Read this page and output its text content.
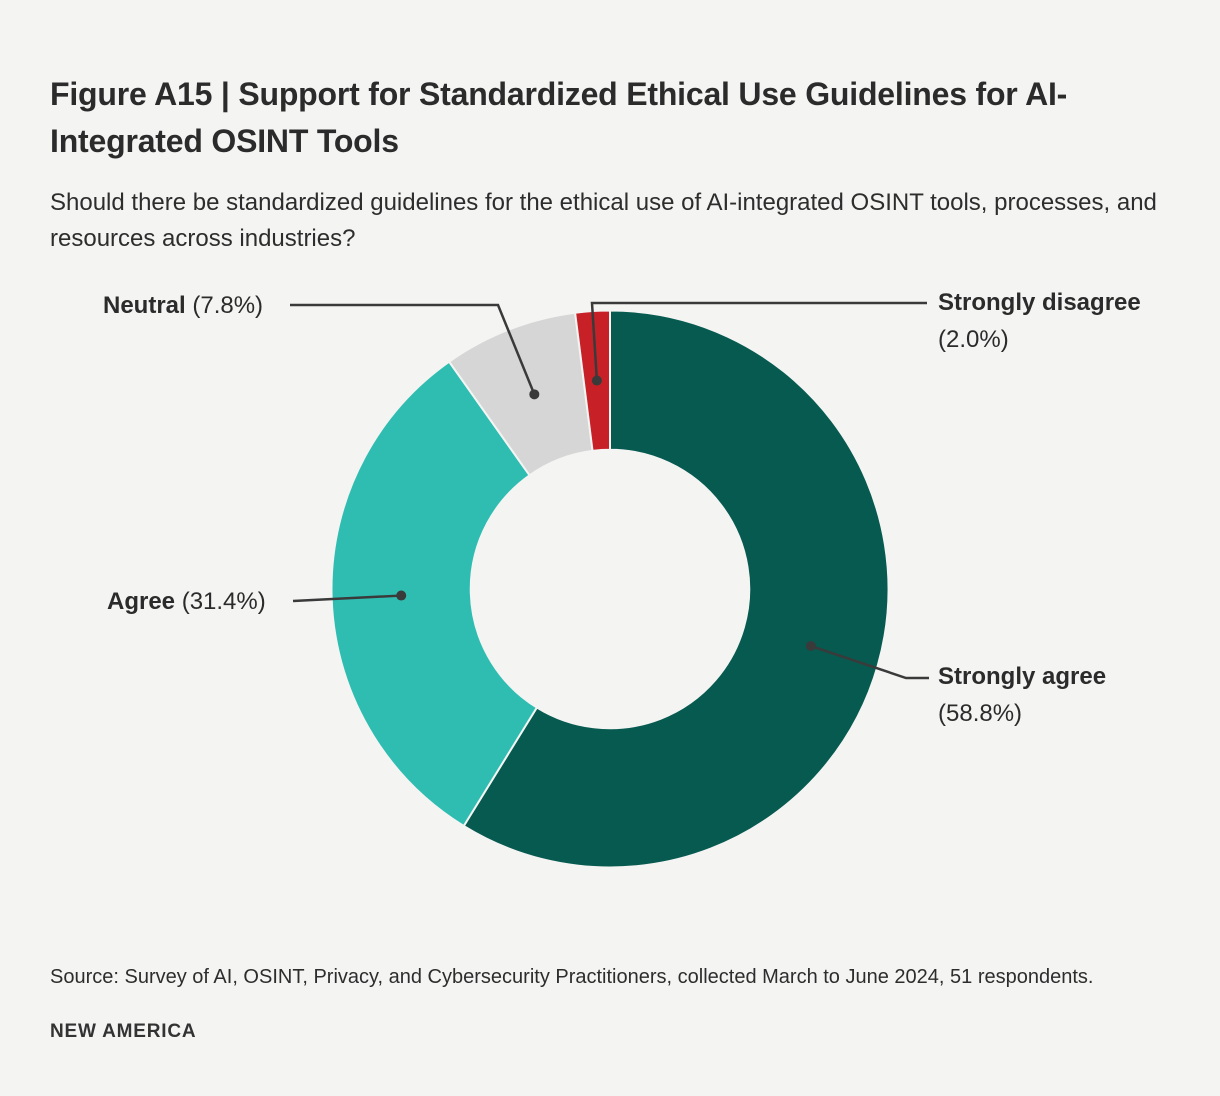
Figure A15 | Support for Standardized Ethical Use Guidelines for AI-Integrated OSINT Tools

Should there be standardized guidelines for the ethical use of AI-integrated OSINT tools, processes, and resources across industries?

Neutral (7.8%)	Strongly disagree (2.0%)
Agree (31.4%)
Strongly agree (58.8%)

Source: Survey of AI, OSINT, Privacy, and Cybersecurity Practitioners, collected March to June 2024, 51 respondents.

NEW AMERICA
